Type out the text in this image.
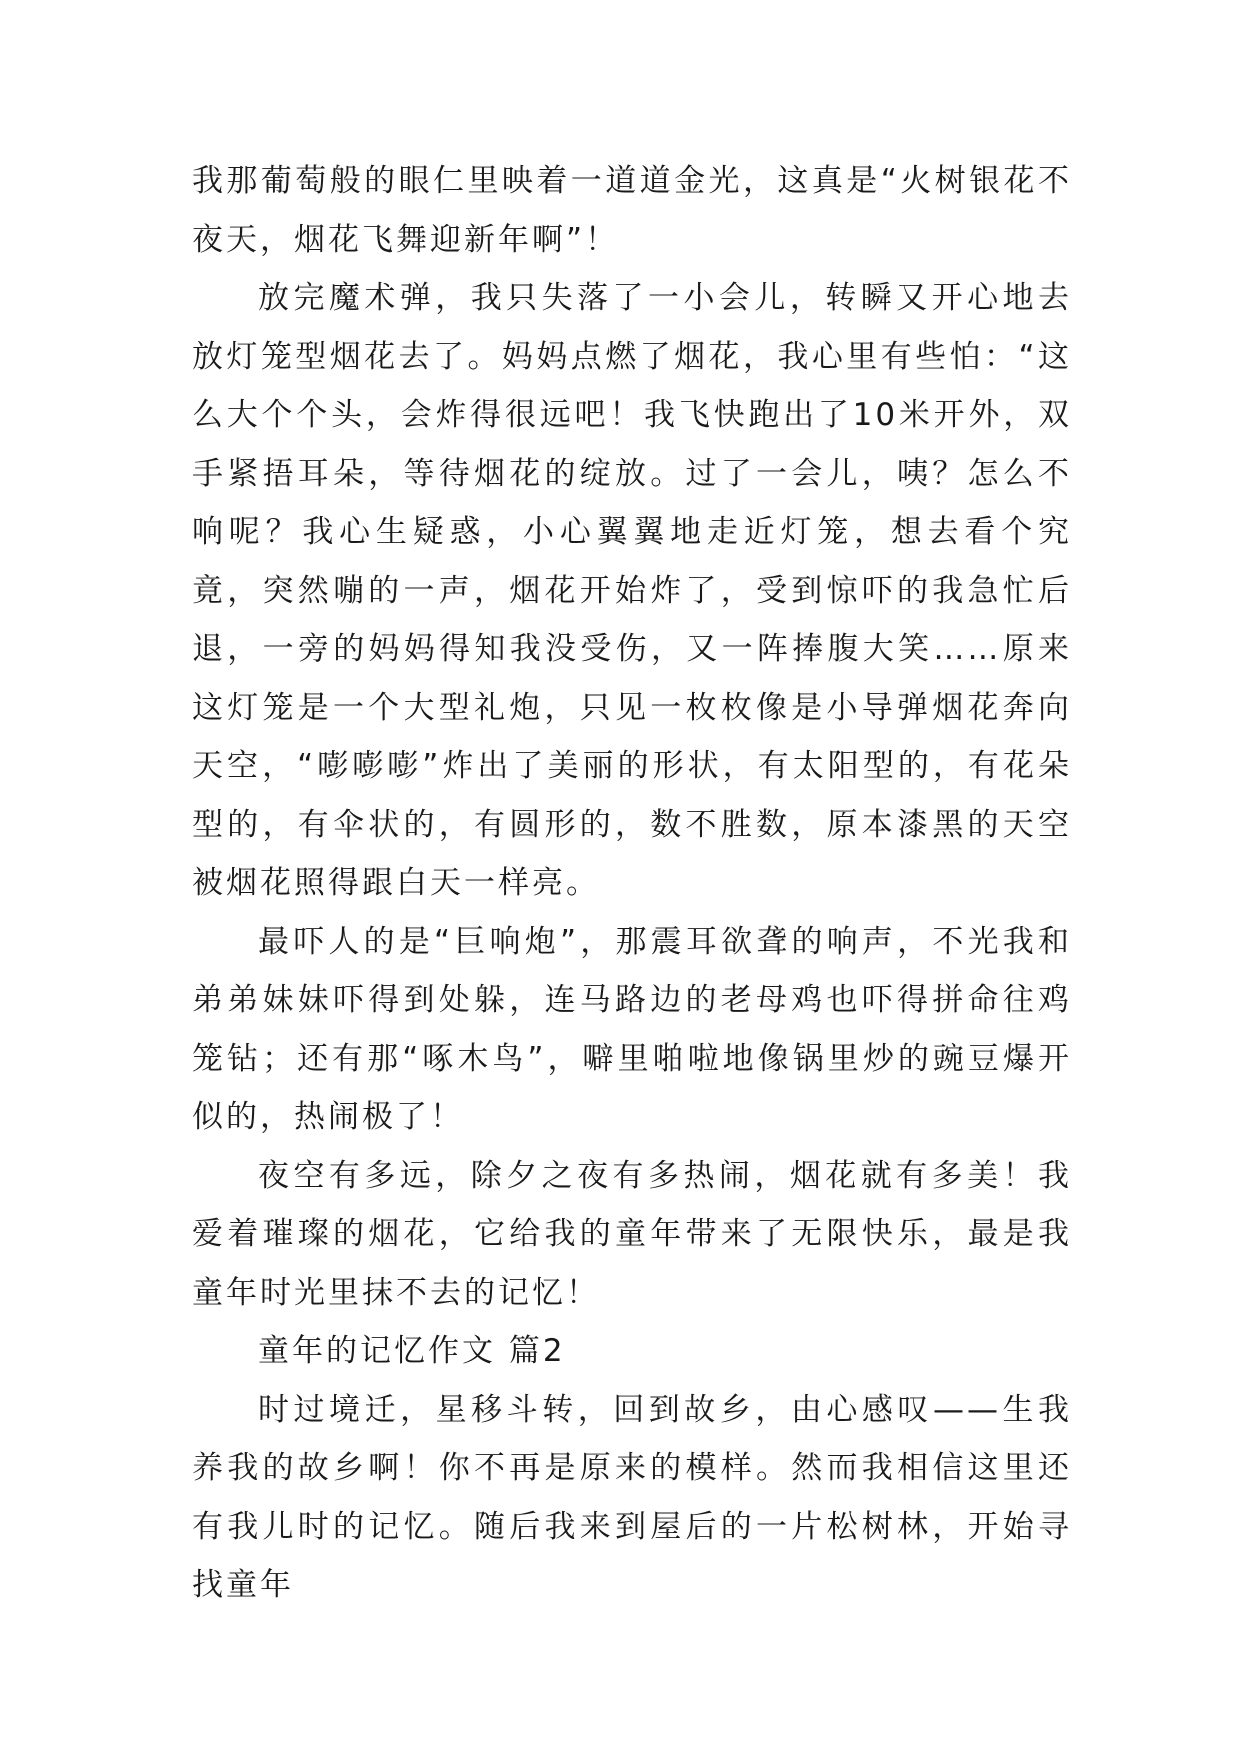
我那葡萄般的眼仁里映着一道道金光，这真是“火树银花不夜天，烟花飞舞迎新年啊”！

放完魔术弹，我只失落了一小会儿，转瞬又开心地去放灯笼型烟花去了。妈妈点燃了烟花，我心里有些怕：“这么大个个头，会炸得很远吧！我飞快跑出了10米开外，双手紧捂耳朵，等待烟花的绽放。过了一会儿，咦？怎么不响呢？我心生疑惑，小心翼翼地走近灯笼，想去看个究竟，突然嘣的一声，烟花开始炸了，受到惊吓的我急忙后退，一旁的妈妈得知我没受伤，又一阵捧腹大笑……原来这灯笼是一个大型礼炮，只见一枚枚像是小导弹烟花奔向天空，“嘭嘭嘭”炸出了美丽的形状，有太阳型的，有花朵型的，有伞状的，有圆形的，数不胜数，原本漆黑的天空被烟花照得跟白天一样亮。

最吓人的是“巨响炮”，那震耳欲聋的响声，不光我和弟弟妹妹吓得到处躲，连马路边的老母鸡也吓得拼命往鸡笼钻；还有那“啄木鸟”，噼里啪啦地像锅里炒的豌豆爆开似的，热闹极了！

夜空有多远，除夕之夜有多热闹，烟花就有多美！我爱着璀璨的烟花，它给我的童年带来了无限快乐，最是我童年时光里抹不去的记忆！

童年的记忆作文 篇2

时过境迁，星移斗转，回到故乡，由心感叹——生我养我的故乡啊！你不再是原来的模样。然而我相信这里还有我儿时的记忆。随后我来到屋后的一片松树林，开始寻找童年
